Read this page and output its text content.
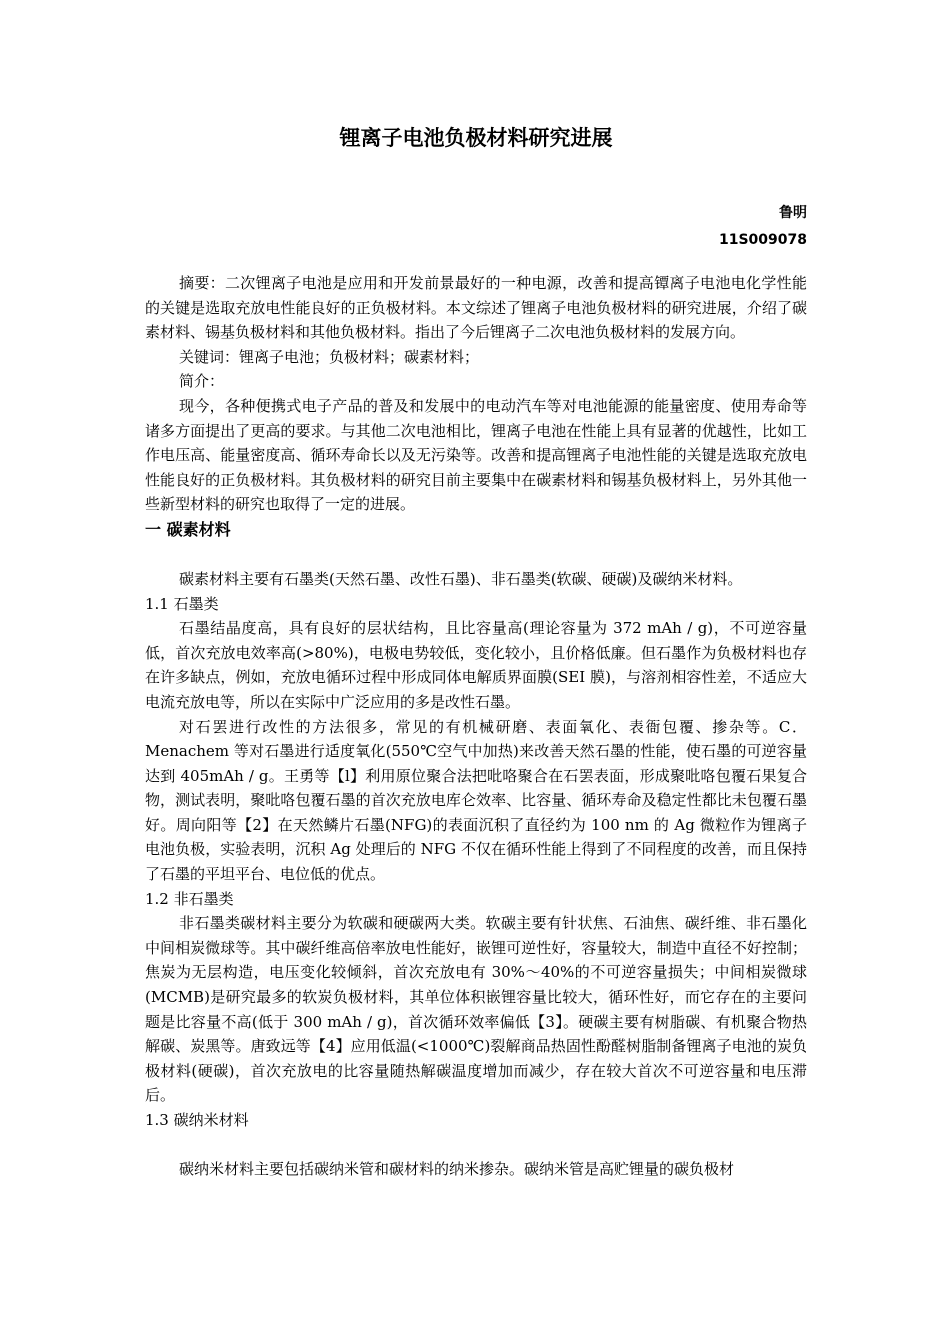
锂离子电池负极材料研究进展
鲁明
11S009078

摘要：二次锂离子电池是应用和开发前景最好的一种电源，改善和提高镡离子电池电化学性能的关键是选取充放电性能良好的正负极材料。本文综述了锂离子电池负极材料的研究进展，介绍了碳素材料、锡基负极材料和其他负极材料。指出了今后锂离子二次电池负极材料的发展方向。

关键词：锂离子电池；负极材料；碳素材料；

简介：

现今，各种便携式电子产品的普及和发展中的电动汽车等对电池能源的能量密度、使用寿命等诸多方面提出了更高的要求。与其他二次电池相比，锂离子电池在性能上具有显著的优越性，比如工作电压高、能量密度高、循环寿命长以及无污染等。改善和提高锂离子电池性能的关键是选取充放电性能良好的正负极材料。其负极材料的研究目前主要集中在碳素材料和锡基负极材料上，另外其他一些新型材料的研究也取得了一定的进展。

一 碳素材料

碳素材料主要有石墨类(天然石墨、改性石墨)、非石墨类(软碳、硬碳)及碳纳米材料。

1.1 石墨类

石墨结晶度高，具有良好的层状结构，且比容量高(理论容量为 372 mAh / g)，不可逆容量低，首次充放电效率高(>80%)，电极电势较低，变化较小，且价格低廉。但石墨作为负极材料也存在许多缺点，例如，充放电循环过程中形成同体电解质界面膜(SEI 膜)，与溶剂相容性差，不适应大电流充放电等，所以在实际中广泛应用的多是改性石墨。

对石罢进行改性的方法很多，常见的有机械研磨、表面氧化、表衙包覆、掺杂等。C．Menachem 等对石墨进行适度氧化(550℃空气中加热)来改善天然石墨的性能，使石墨的可逆容量达到 405mAh / g。王勇等【l】利用原位聚合法把吡咯聚合在石罢表面，形成聚吡咯包覆石果复合物，测试表明，聚吡咯包覆石墨的首次充放电库仑效率、比容量、循环寿命及稳定性都比未包覆石墨好。周向阳等【2】在天然鳞片石墨(NFG)的表面沉积了直径约为 100 nm 的 Ag 微粒作为锂离子电池负极，实验表明，沉积 Ag 处理后的 NFG 不仅在循环性能上得到了不同程度的改善，而且保持了石墨的平坦平台、电位低的优点。

1.2 非石墨类

非石墨类碳材料主要分为软碳和硬碳两大类。软碳主要有针状焦、石油焦、碳纤维、非石墨化中间相炭微球等。其中碳纤维高倍率放电性能好，嵌锂可逆性好，容量较大，制造中直径不好控制；焦炭为无层构造，电压变化较倾斜，首次充放电有 30%～40%的不可逆容量损失；中间相炭微球(MCMB)是研究最多的软炭负极材料，其单位体积嵌锂容量比较大，循环性好，而它存在的主要问题是比容量不高(低于 300 mAh / g)，首次循环效率偏低【3】。硬碳主要有树脂碳、有机聚合物热解碳、炭黑等。唐致远等【4】应用低温(<1000℃)裂解商品热固性酚醛树脂制备锂离子电池的炭负极材料(硬碳)，首次充放电的比容量随热解碳温度增加而减少，存在较大首次不可逆容量和电压滞后。

1.3 碳纳米材料

碳纳米材料主要包括碳纳米管和碳材料的纳米掺杂。碳纳米管是高贮锂量的碳负极材
